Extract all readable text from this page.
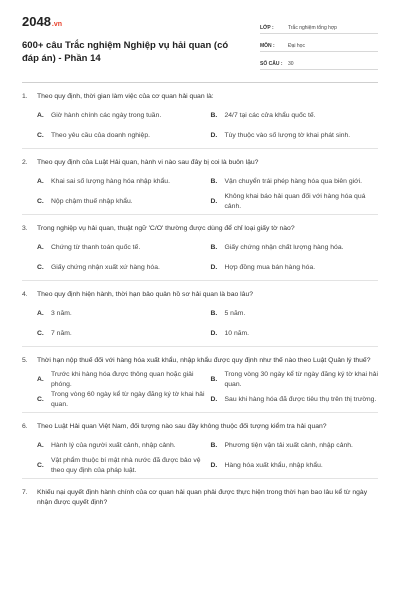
2048.vn
600+ câu Trắc nghiệm Nghiệp vụ hải quan (có đáp án) - Phần 14
LỚP :	Trắc nghiệm tổng hợp
MÔN :	Đại học
SỐ CÂU :	30
1.	Theo quy định, thời gian làm việc của cơ quan hải quan là:
A.	Giờ hành chính các ngày trong tuần.	B.	24/7 tại các cửa khẩu quốc tế.
C.	Theo yêu cầu của doanh nghiệp.	D.	Tùy thuộc vào số lượng tờ khai phát sinh.
2.	Theo quy định của Luật Hải quan, hành vi nào sau đây bị coi là buôn lậu?
A.	Khai sai số lượng hàng hóa nhập khẩu.	B.	Vận chuyển trái phép hàng hóa qua biên giới.
C.	Nộp chậm thuế nhập khẩu.	D.
Không khai báo hải quan đối với hàng hóa quá cảnh.
3.	Trong nghiệp vụ hải quan, thuật ngữ 'C/O' thường được dùng để chỉ loại giấy tờ nào?
A.	Chứng từ thanh toán quốc tế.	B.	Giấy chứng nhận chất lượng hàng hóa.
C.	Giấy chứng nhận xuất xứ hàng hóa.	D.	Hợp đồng mua bán hàng hóa.
4.	Theo quy định hiện hành, thời hạn bảo quản hồ sơ hải quan là bao lâu?
A.	3 năm.	B.	5 năm.
C.	7 năm.	D.	10 năm.
5.	Thời hạn nộp thuế đối với hàng hóa xuất khẩu, nhập khẩu được quy định như thế nào theo Luật Quản lý thuế?
A.
Trước khi hàng hóa được thông quan hoặc giải phóng.
B.
Trong vòng 30 ngày kể từ ngày đăng ký tờ khai hải quan.
C.
Trong vòng 60 ngày kể từ ngày đăng ký tờ khai hải quan.
D.	Sau khi hàng hóa đã được tiêu thụ trên thị trường.
6.	Theo Luật Hải quan Việt Nam, đối tượng nào sau đây không thuộc đối tượng kiểm tra hải quan?
A.	Hành lý của người xuất cảnh, nhập cảnh.	B.	Phương tiện vận tải xuất cảnh, nhập cảnh.
C.
Vật phẩm thuộc bí mật nhà nước đã được bảo vệ theo quy định của pháp luật.
D.	Hàng hóa xuất khẩu, nhập khẩu.
7.	Khiếu nại quyết định hành chính của cơ quan hải quan phải được thực hiện trong thời hạn bao lâu kể từ ngày nhận được quyết định?
